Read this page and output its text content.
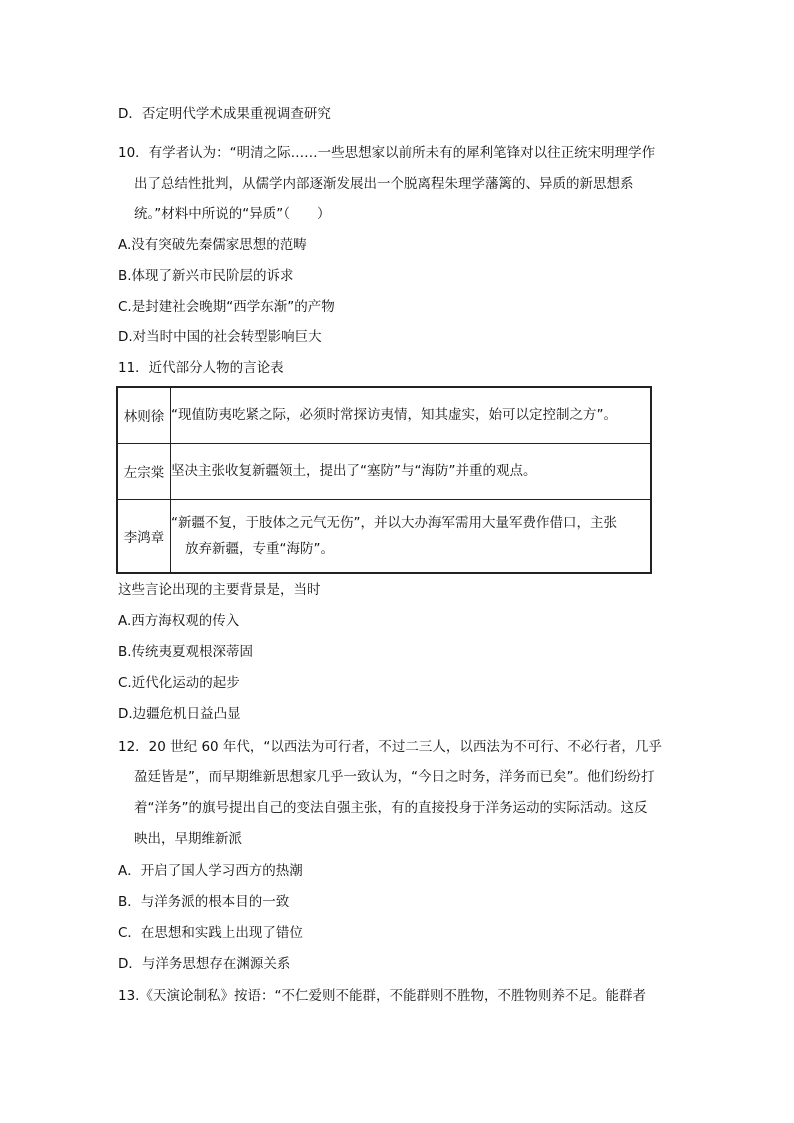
D．否定明代学术成果重视调查研究
10．有学者认为：“明清之际……一些思想家以前所未有的犀利笔锋对以往正统宋明理学作
出了总结性批判，从儒学内部逐渐发展出一个脱离程朱理学藩篱的、异质的新思想系
统。”材料中所说的“异质”（　　）
A.没有突破先秦儒家思想的范畴
B.体现了新兴市民阶层的诉求
C.是封建社会晚期“西学东渐”的产物
D.对当时中国的社会转型影响巨大
11．近代部分人物的言论表
林则徐	“现值防夷吃紧之际，必须时常探访夷情，知其虚实，始可以定控制之方”。
左宗棠	坚决主张收复新疆领土，提出了“塞防”与“海防”并重的观点。
李鸿章	“新疆不复，于肢体之元气无伤”，并以大办海军需用大量军费作借口，主张
放弃新疆，专重“海防”。
这些言论出现的主要背景是，当时
A.西方海权观的传入
B.传统夷夏观根深蒂固
C.近代化运动的起步
D.边疆危机日益凸显
12．20 世纪 60 年代，“以西法为可行者，不过二三人，以西法为不可行、不必行者，几乎
盈廷皆是”，而早期维新思想家几乎一致认为，“今日之时务，洋务而已矣”。他们纷纷打
着“洋务”的旗号提出自己的变法自强主张，有的直接投身于洋务运动的实际活动。这反
映出，早期维新派
A．开启了国人学习西方的热潮
B．与洋务派的根本目的一致
C．在思想和实践上出现了错位
D．与洋务思想存在渊源关系
13.《天演论制私》按语：“不仁爱则不能群，不能群则不胜物，不胜物则养不足。能群者
